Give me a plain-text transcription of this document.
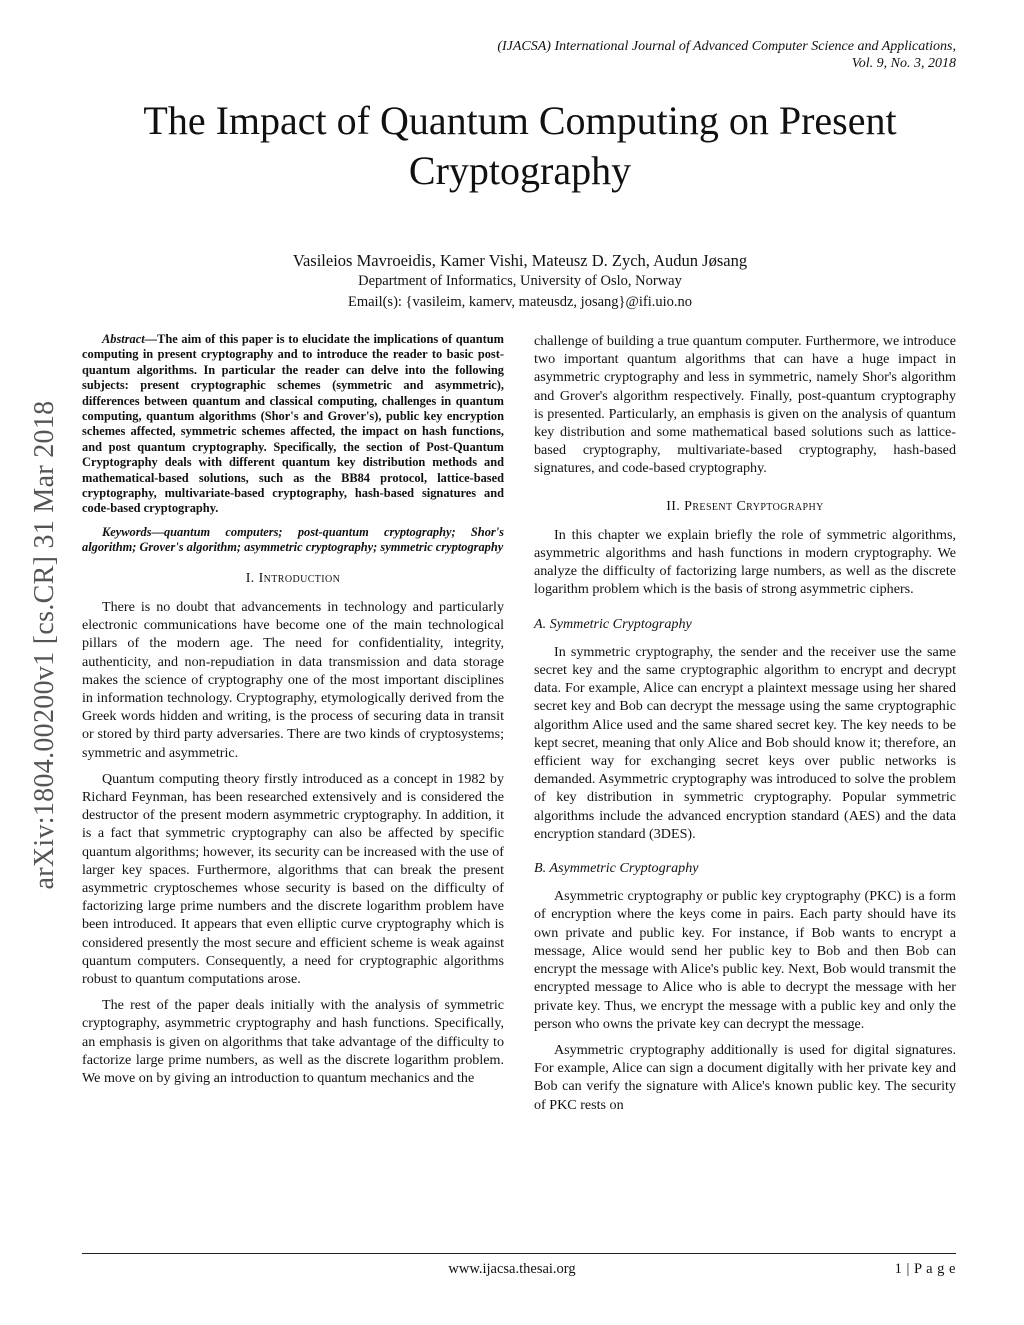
(IJACSA) International Journal of Advanced Computer Science and Applications,
Vol. 9, No. 3, 2018
The Impact of Quantum Computing on Present
Cryptography
Vasileios Mavroeidis, Kamer Vishi, Mateusz D. Zych, Audun Jøsang
Department of Informatics, University of Oslo, Norway
Email(s): {vasileim, kamerv, mateusdz, josang}@ifi.uio.no
arXiv:1804.00200v1 [cs.CR] 31 Mar 2018

Abstract—The aim of this paper is to elucidate the implications of quantum computing in present cryptography and to introduce the reader to basic post-quantum algorithms. In particular the reader can delve into the following subjects: present cryptographic schemes (symmetric and asymmetric), differences between quantum and classical computing, challenges in quantum computing, quantum algorithms (Shor's and Grover's), public key encryption schemes affected, symmetric schemes affected, the impact on hash functions, and post quantum cryptography. Specifically, the section of Post-Quantum Cryptography deals with different quantum key distribution methods and mathematical-based solutions, such as the BB84 protocol, lattice-based cryptography, multivariate-based cryptography, hash-based signatures and code-based cryptography.

Keywords—quantum computers; post-quantum cryptography; Shor's algorithm; Grover's algorithm; asymmetric cryptography; symmetric cryptography

I. Introduction

There is no doubt that advancements in technology and particularly electronic communications have become one of the main technological pillars of the modern age. The need for confidentiality, integrity, authenticity, and non-repudiation in data transmission and data storage makes the science of cryptography one of the most important disciplines in information technology. Cryptography, etymologically derived from the Greek words hidden and writing, is the process of securing data in transit or stored by third party adversaries. There are two kinds of cryptosystems; symmetric and asymmetric.

Quantum computing theory firstly introduced as a concept in 1982 by Richard Feynman, has been researched extensively and is considered the destructor of the present modern asymmetric cryptography. In addition, it is a fact that symmetric cryptography can also be affected by specific quantum algorithms; however, its security can be increased with the use of larger key spaces. Furthermore, algorithms that can break the present asymmetric cryptoschemes whose security is based on the difficulty of factorizing large prime numbers and the discrete logarithm problem have been introduced. It appears that even elliptic curve cryptography which is considered presently the most secure and efficient scheme is weak against quantum computers. Consequently, a need for cryptographic algorithms robust to quantum computations arose.

The rest of the paper deals initially with the analysis of symmetric cryptography, asymmetric cryptography and hash functions. Specifically, an emphasis is given on algorithms that take advantage of the difficulty to factorize large prime numbers, as well as the discrete logarithm problem. We move on by giving an introduction to quantum mechanics and the

challenge of building a true quantum computer. Furthermore, we introduce two important quantum algorithms that can have a huge impact in asymmetric cryptography and less in symmetric, namely Shor's algorithm and Grover's algorithm respectively. Finally, post-quantum cryptography is presented. Particularly, an emphasis is given on the analysis of quantum key distribution and some mathematical based solutions such as lattice-based cryptography, multivariate-based cryptography, hash-based signatures, and code-based cryptography.

II. Present Cryptography

In this chapter we explain briefly the role of symmetric algorithms, asymmetric algorithms and hash functions in modern cryptography. We analyze the difficulty of factorizing large numbers, as well as the discrete logarithm problem which is the basis of strong asymmetric ciphers.

A. Symmetric Cryptography

In symmetric cryptography, the sender and the receiver use the same secret key and the same cryptographic algorithm to encrypt and decrypt data. For example, Alice can encrypt a plaintext message using her shared secret key and Bob can decrypt the message using the same cryptographic algorithm Alice used and the same shared secret key. The key needs to be kept secret, meaning that only Alice and Bob should know it; therefore, an efficient way for exchanging secret keys over public networks is demanded. Asymmetric cryptography was introduced to solve the problem of key distribution in symmetric cryptography. Popular symmetric algorithms include the advanced encryption standard (AES) and the data encryption standard (3DES).

B. Asymmetric Cryptography

Asymmetric cryptography or public key cryptography (PKC) is a form of encryption where the keys come in pairs. Each party should have its own private and public key. For instance, if Bob wants to encrypt a message, Alice would send her public key to Bob and then Bob can encrypt the message with Alice's public key. Next, Bob would transmit the encrypted message to Alice who is able to decrypt the message with her private key. Thus, we encrypt the message with a public key and only the person who owns the private key can decrypt the message.

Asymmetric cryptography additionally is used for digital signatures. For example, Alice can sign a document digitally with her private key and Bob can verify the signature with Alice's known public key. The security of PKC rests on

www.ijacsa.thesai.org	1 | P a g e
